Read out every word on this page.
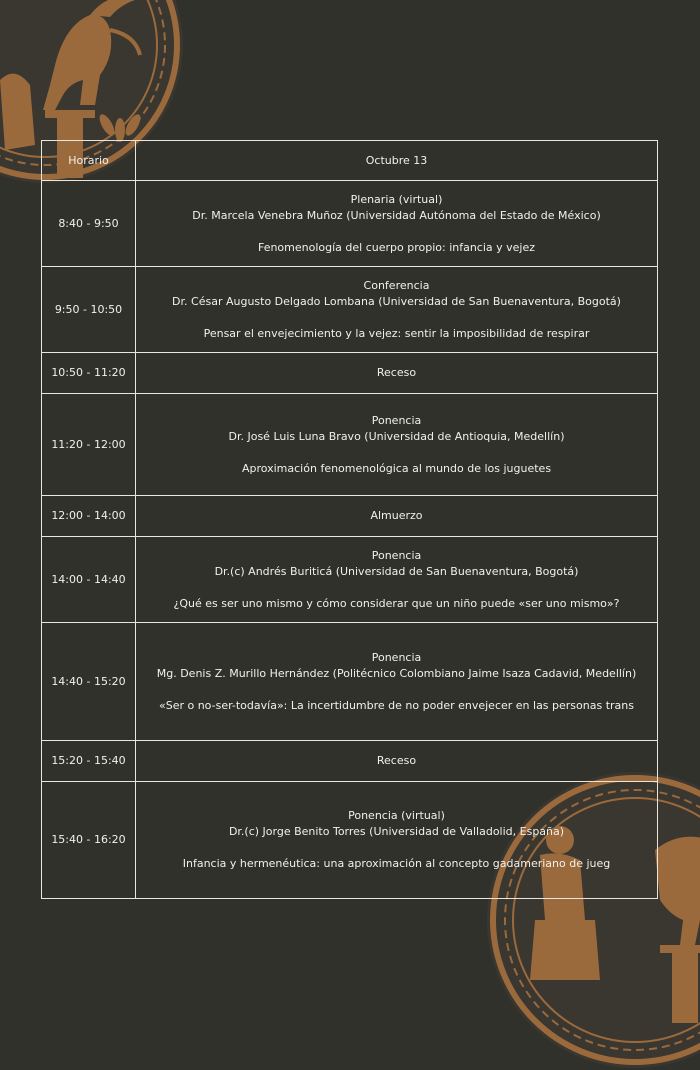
Horario	Octubre 13
8:40 - 9:50	Plenaria (virtual)
Dr. Marcela Venebra Muñoz (Universidad Autónoma del Estado de México)
Fenomenología del cuerpo propio: infancia y vejez

9:50 - 10:50	Conferencia
Dr. César Augusto Delgado Lombana (Universidad de San Buenaventura, Bogotá)
Pensar el envejecimiento y la vejez: sentir la imposibilidad de respirar

10:50 - 11:20	Receso
11:20 - 12:00	Ponencia
Dr. José Luis Luna Bravo (Universidad de Antioquia, Medellín)
Aproximación fenomenológica al mundo de los juguetes

12:00 - 14:00	Almuerzo
14:00 - 14:40	Ponencia
Dr.(c) Andrés Buriticá (Universidad de San Buenaventura, Bogotá)
¿Qué es ser uno mismo y cómo considerar que un niño puede «ser uno mismo»?

14:40 - 15:20	Ponencia
Mg. Denis Z. Murillo Hernández (Politécnico Colombiano Jaime Isaza Cadavid, Medellín)
«Ser o no-ser-todavía»: La incertidumbre de no poder envejecer en las personas trans

15:20 - 15:40	Receso
15:40 - 16:20	Ponencia (virtual)
Dr.(c) Jorge Benito Torres (Universidad de Valladolid, España)
Infancia y hermenéutica: una aproximación al concepto gadameriano de jueg
